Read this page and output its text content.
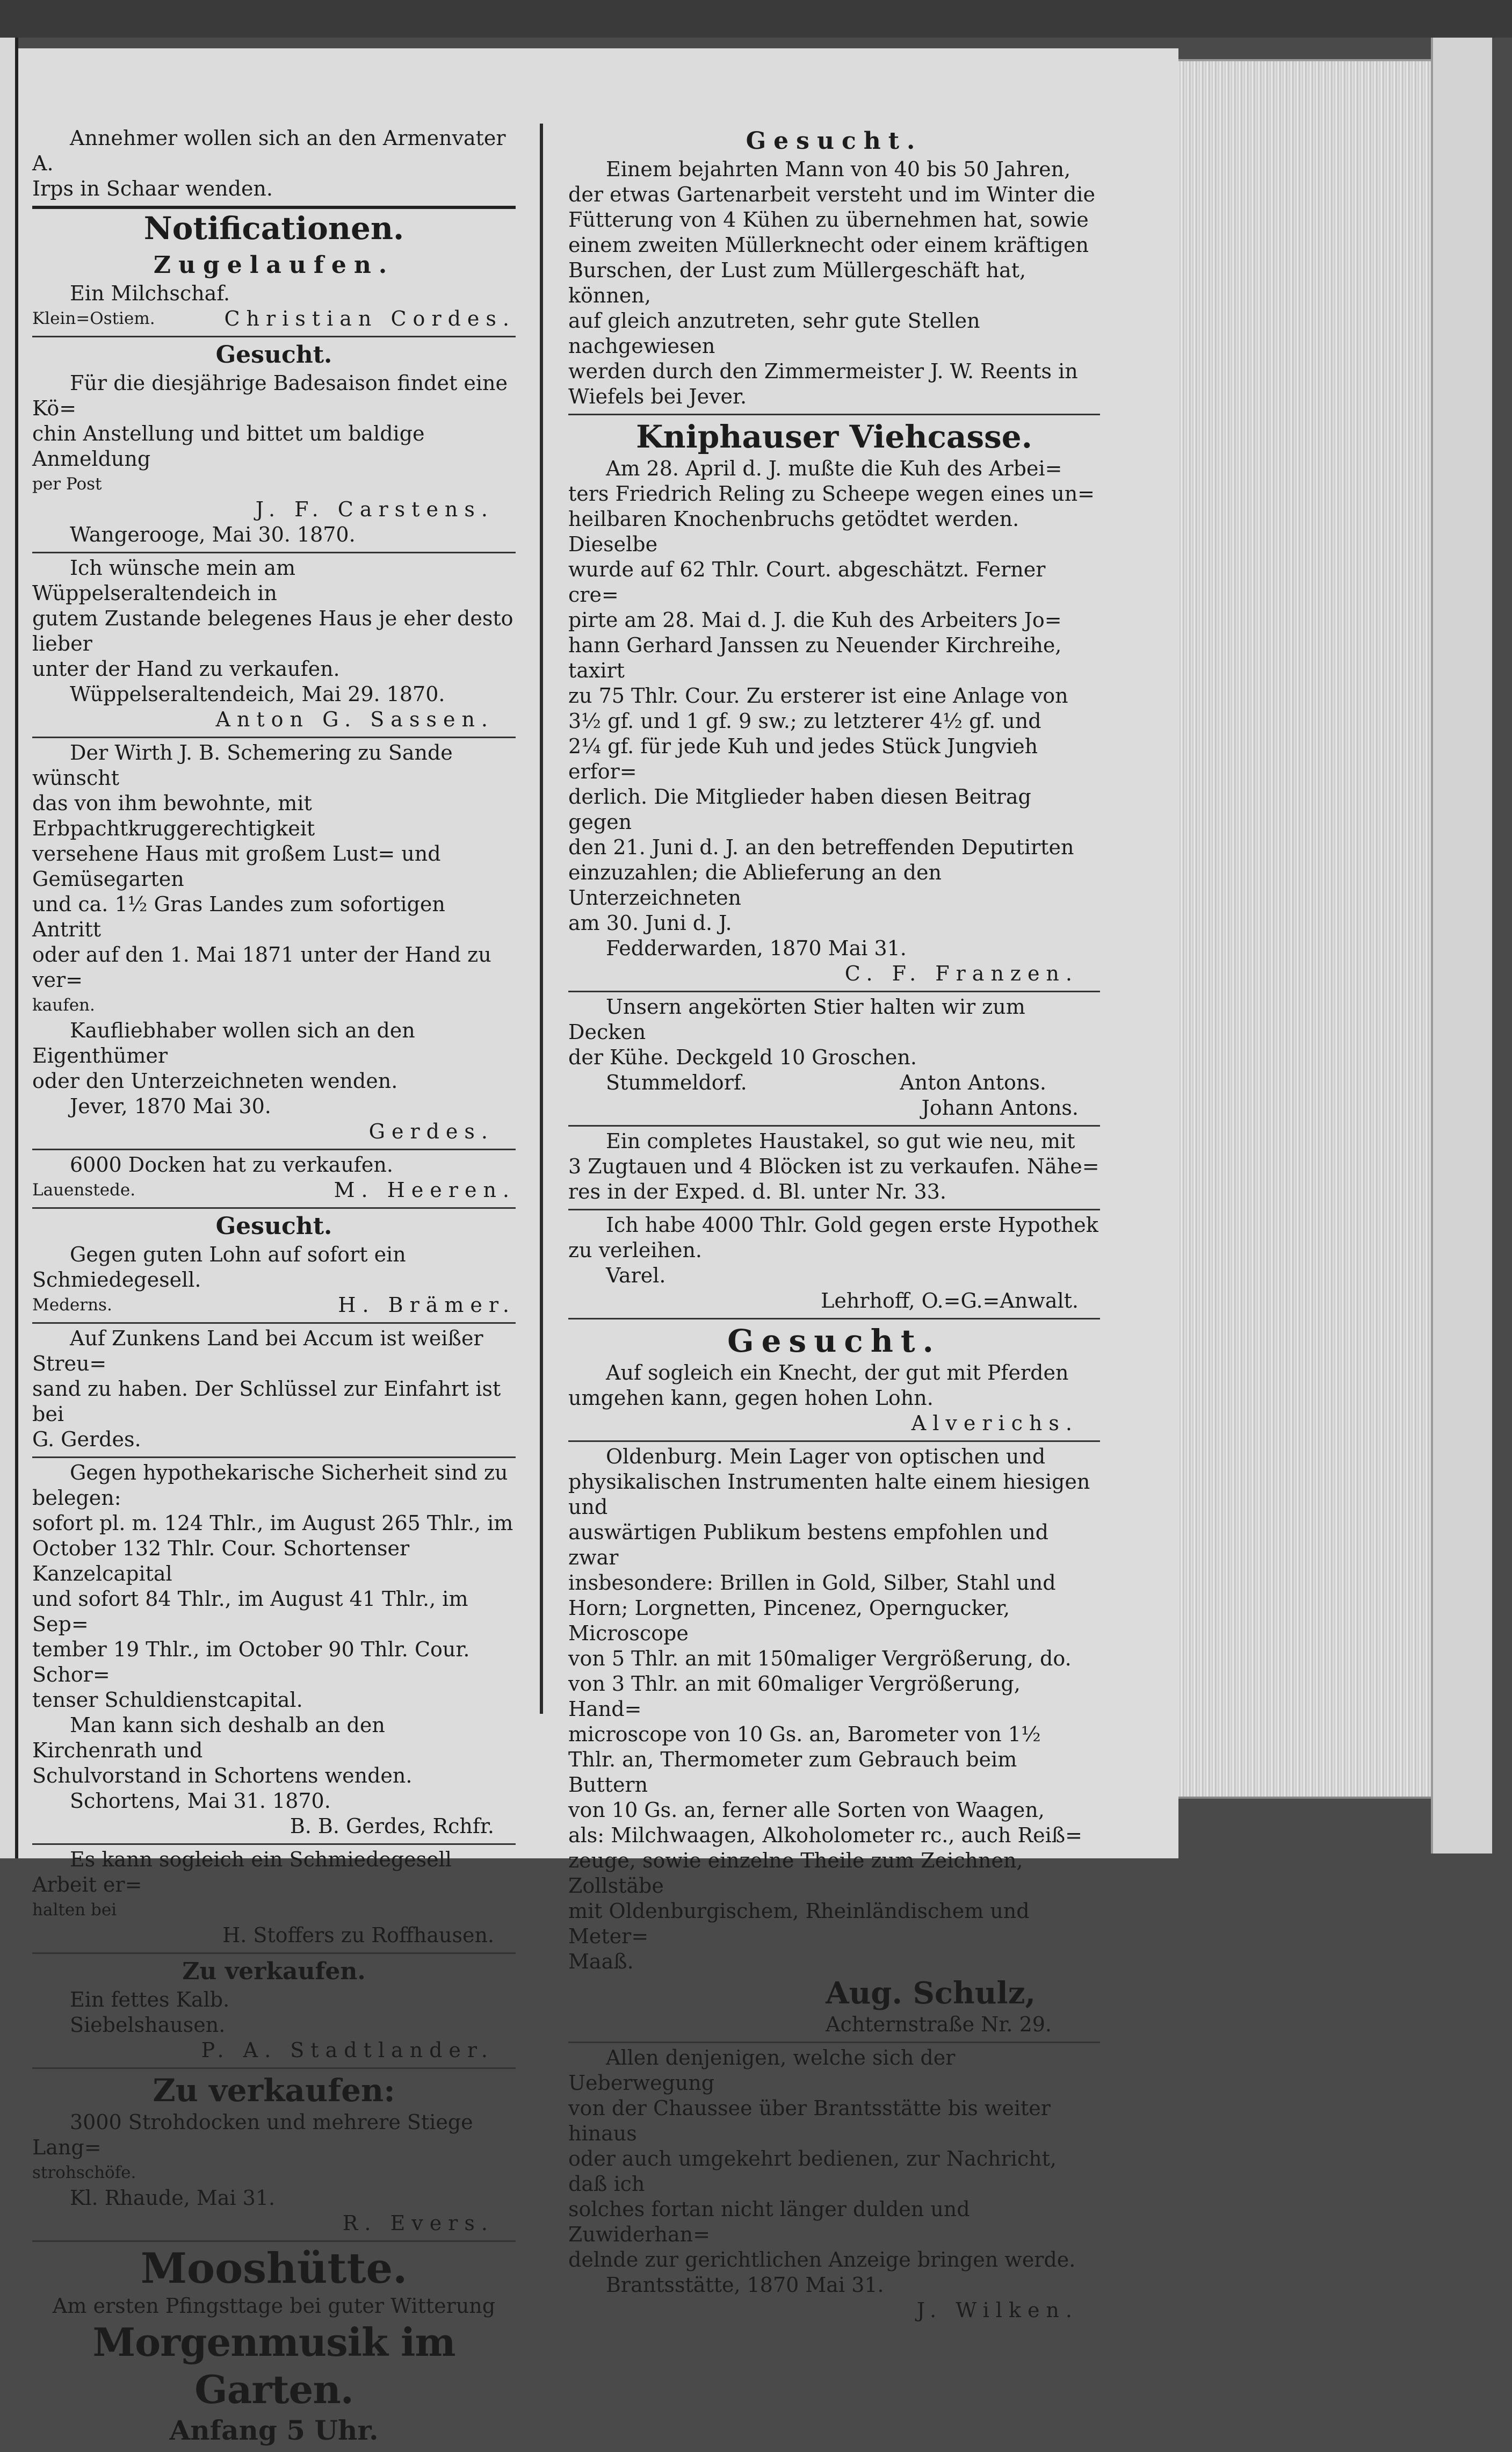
Annehmer wollen sich an den Armenvater A.

Irps in Schaar wenden.

Notificationen.
Zugelaufen.

Ein Milchschaf.

Klein=Ostiem.	Christian Cordes.
Gesucht.

Für die diesjährige Badesaison findet eine Kö=

chin Anstellung und bittet um baldige Anmeldung

per Post

J. F. Carstens.

Wangerooge, Mai 30. 1870.

Ich wünsche mein am Wüppelseraltendeich in

gutem Zustande belegenes Haus je eher desto lieber

unter der Hand zu verkaufen.

Wüppelseraltendeich, Mai 29. 1870.

Anton G. Sassen.

Der Wirth J. B. Schemering zu Sande wünscht

das von ihm bewohnte, mit Erbpachtkruggerechtigkeit

versehene Haus mit großem Lust= und Gemüsegarten

und ca. 1½ Gras Landes zum sofortigen Antritt

oder auf den 1. Mai 1871 unter der Hand zu ver=

kaufen.

Kaufliebhaber wollen sich an den Eigenthümer

oder den Unterzeichneten wenden.

Jever, 1870 Mai 30.

Gerdes.

6000 Docken hat zu verkaufen.

Lauenstede.	M. Heeren.
Gesucht.

Gegen guten Lohn auf sofort ein Schmiedegesell.

Mederns.	H. Brämer.

Auf Zunkens Land bei Accum ist weißer Streu=

sand zu haben. Der Schlüssel zur Einfahrt ist bei

G. Gerdes.

Gegen hypothekarische Sicherheit sind zu belegen:

sofort pl. m. 124 Thlr., im August 265 Thlr., im

October 132 Thlr. Cour. Schortenser Kanzelcapital

und sofort 84 Thlr., im August 41 Thlr., im Sep=

tember 19 Thlr., im October 90 Thlr. Cour. Schor=

tenser Schuldienstcapital.

Man kann sich deshalb an den Kirchenrath und

Schulvorstand in Schortens wenden.

Schortens, Mai 31. 1870.

B. B. Gerdes, Rchfr.

Es kann sogleich ein Schmiedegesell Arbeit er=

halten bei

H. Stoffers zu Roffhausen.

Zu verkaufen.

Ein fettes Kalb.

Siebelshausen.

P. A. Stadtlander.

Zu verkaufen:

3000 Strohdocken und mehrere Stiege Lang=

strohschöfe.

Kl. Rhaude, Mai 31.

R. Evers.

Mooshütte.

Am ersten Pfingsttage bei guter Witterung

Morgenmusik im Garten.
Anfang 5 Uhr.
Gesucht.

Einem bejahrten Mann von 40 bis 50 Jahren,

der etwas Gartenarbeit versteht und im Winter die

Fütterung von 4 Kühen zu übernehmen hat, sowie

einem zweiten Müllerknecht oder einem kräftigen

Burschen, der Lust zum Müllergeschäft hat, können,

auf gleich anzutreten, sehr gute Stellen nachgewiesen

werden durch den Zimmermeister J. W. Reents in

Wiefels bei Jever.

Kniphauser Viehcasse.

Am 28. April d. J. mußte die Kuh des Arbei=

ters Friedrich Reling zu Scheepe wegen eines un=

heilbaren Knochenbruchs getödtet werden. Dieselbe

wurde auf 62 Thlr. Court. abgeschätzt. Ferner cre=

pirte am 28. Mai d. J. die Kuh des Arbeiters Jo=

hann Gerhard Janssen zu Neuender Kirchreihe, taxirt

zu 75 Thlr. Cour. Zu ersterer ist eine Anlage von

3½ gf. und 1 gf. 9 sw.; zu letzterer 4½ gf. und

2¼ gf. für jede Kuh und jedes Stück Jungvieh erfor=

derlich. Die Mitglieder haben diesen Beitrag gegen

den 21. Juni d. J. an den betreffenden Deputirten

einzuzahlen; die Ablieferung an den Unterzeichneten

am 30. Juni d. J.

Fedderwarden, 1870 Mai 31.

C. F. Franzen.

Unsern angekörten Stier halten wir zum Decken

der Kühe. Deckgeld 10 Groschen.

Stummeldorf.	Anton Antons.

Johann Antons.

Ein completes Haustakel, so gut wie neu, mit

3 Zugtauen und 4 Blöcken ist zu verkaufen. Nähe=

res in der Exped. d. Bl. unter Nr. 33.

Ich habe 4000 Thlr. Gold gegen erste Hypothek

zu verleihen.

Varel.

Lehrhoff, O.=G.=Anwalt.

Gesucht.

Auf sogleich ein Knecht, der gut mit Pferden

umgehen kann, gegen hohen Lohn.

Alverichs.

Oldenburg. Mein Lager von optischen und

physikalischen Instrumenten halte einem hiesigen und

auswärtigen Publikum bestens empfohlen und zwar

insbesondere: Brillen in Gold, Silber, Stahl und

Horn; Lorgnetten, Pincenez, Operngucker, Microscope

von 5 Thlr. an mit 150maliger Vergrößerung, do.

von 3 Thlr. an mit 60maliger Vergrößerung, Hand=

microscope von 10 Gs. an, Barometer von 1½

Thlr. an, Thermometer zum Gebrauch beim Buttern

von 10 Gs. an, ferner alle Sorten von Waagen,

als: Milchwaagen, Alkoholometer rc., auch Reiß=

zeuge, sowie einzelne Theile zum Zeichnen, Zollstäbe

mit Oldenburgischem, Rheinländischem und Meter=

Maaß.

Aug. Schulz,

Achternstraße Nr. 29.

Allen denjenigen, welche sich der Ueberwegung

von der Chaussee über Brantsstätte bis weiter hinaus

oder auch umgekehrt bedienen, zur Nachricht, daß ich

solches fortan nicht länger dulden und Zuwiderhan=

delnde zur gerichtlichen Anzeige bringen werde.

Brantsstätte, 1870 Mai 31.

J. Wilken.
